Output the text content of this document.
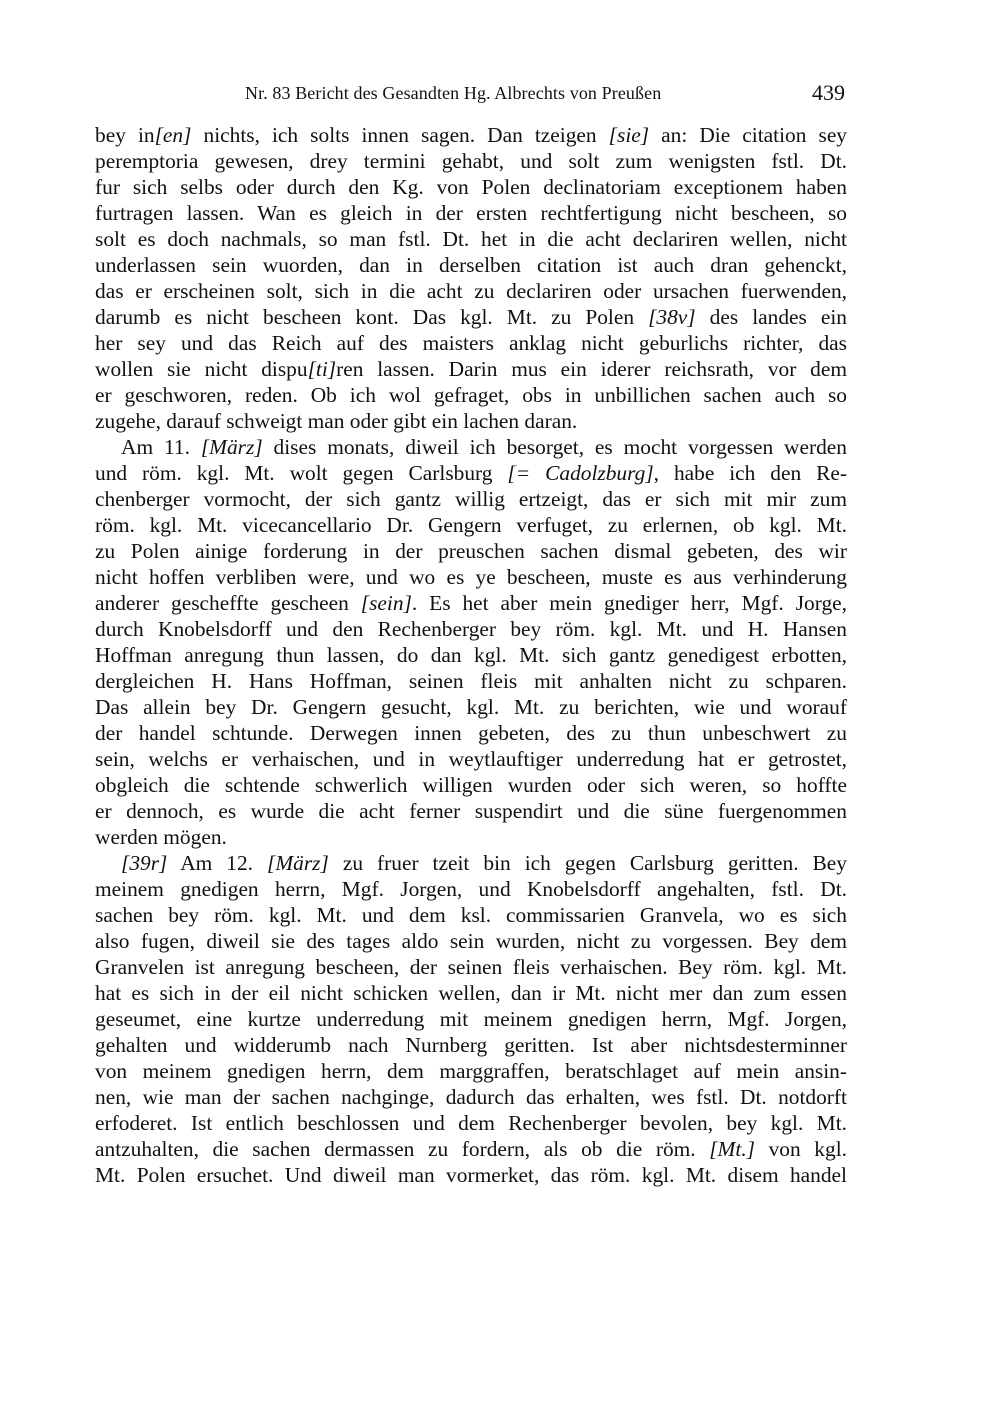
Nr. 83 Bericht des Gesandten Hg. Albrechts von Preußen	439
bey in[en] nichts, ich solts innen sagen. Dan tzeigen [sie] an: Die citation sey
peremptoria gewesen, drey termini gehabt, und solt zum wenigsten fstl. Dt.
fur sich selbs oder durch den Kg. von Polen declinatoriam exceptionem haben
furtragen lassen. Wan es gleich in der ersten rechtfertigung nicht bescheen, so
solt es doch nachmals, so man fstl. Dt. het in die acht declariren wellen, nicht
underlassen sein wuorden, dan in derselben citation ist auch dran gehenckt,
das er erscheinen solt, sich in die acht zu declariren oder ursachen fuerwenden,
darumb es nicht bescheen kont. Das kgl. Mt. zu Polen [38v] des landes ein
her sey und das Reich auf des maisters anklag nicht geburlichs richter, das
wollen sie nicht dispu[ti]ren lassen. Darin mus ein iderer reichsrath, vor dem
er geschworen, reden. Ob ich wol gefraget, obs in unbillichen sachen auch so
zugehe, darauf schweigt man oder gibt ein lachen daran.
Am 11. [März] dises monats, diweil ich besorget, es mocht vorgessen werden
und röm. kgl. Mt. wolt gegen Carlsburg [= Cadolzburg], habe ich den Re-
chenberger vormocht, der sich gantz willig ertzeigt, das er sich mit mir zum
röm. kgl. Mt. vicecancellario Dr. Gengern verfuget, zu erlernen, ob kgl. Mt.
zu Polen ainige forderung in der preuschen sachen dismal gebeten, des wir
nicht hoffen verbliben were, und wo es ye bescheen, muste es aus verhinderung
anderer gescheffte gescheen [sein]. Es het aber mein gnediger herr, Mgf. Jorge,
durch Knobelsdorff und den Rechenberger bey röm. kgl. Mt. und H. Hansen
Hoffman anregung thun lassen, do dan kgl. Mt. sich gantz genedigest erbotten,
dergleichen H. Hans Hoffman, seinen fleis mit anhalten nicht zu schparen.
Das allein bey Dr. Gengern gesucht, kgl. Mt. zu berichten, wie und worauf
der handel schtunde. Derwegen innen gebeten, des zu thun unbeschwert zu
sein, welchs er verhaischen, und in weytlauftiger underredung hat er getrostet,
obgleich die schtende schwerlich willigen wurden oder sich weren, so hoffte
er dennoch, es wurde die acht ferner suspendirt und die süne fuergenommen
werden mögen.
[39r] Am 12. [März] zu fruer tzeit bin ich gegen Carlsburg geritten. Bey
meinem gnedigen herrn, Mgf. Jorgen, und Knobelsdorff angehalten, fstl. Dt.
sachen bey röm. kgl. Mt. und dem ksl. commissarien Granvela, wo es sich
also fugen, diweil sie des tages aldo sein wurden, nicht zu vorgessen. Bey dem
Granvelen ist anregung bescheen, der seinen fleis verhaischen. Bey röm. kgl. Mt.
hat es sich in der eil nicht schicken wellen, dan ir Mt. nicht mer dan zum essen
geseumet, eine kurtze underredung mit meinem gnedigen herrn, Mgf. Jorgen,
gehalten und widderumb nach Nurnberg geritten. Ist aber nichtsdesterminner
von meinem gnedigen herrn, dem marggraffen, beratschlaget auf mein ansin-
nen, wie man der sachen nachginge, dadurch das erhalten, wes fstl. Dt. notdorft
erfoderet. Ist entlich beschlossen und dem Rechenberger bevolen, bey kgl. Mt.
antzuhalten, die sachen dermassen zu fordern, als ob die röm. [Mt.] von kgl.
Mt. Polen ersuchet. Und diweil man vormerket, das röm. kgl. Mt. disem handel
